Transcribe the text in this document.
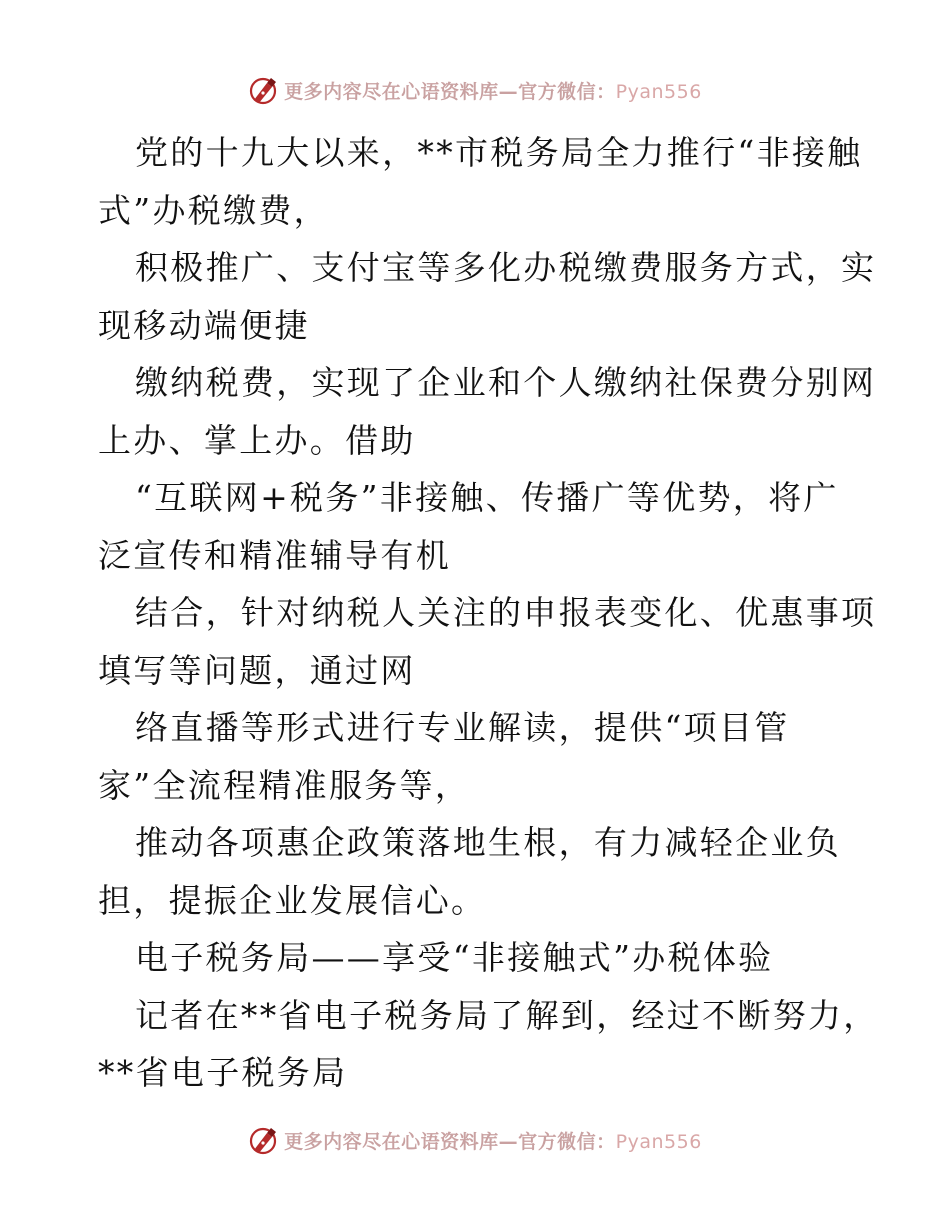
更多内容尽在心语资料库—官方微信：Pyan556

党的十九大以来，**市税务局全力推行“非接触

式”办税缴费，

积极推广、支付宝等多化办税缴费服务方式，实

现移动端便捷

缴纳税费，实现了企业和个人缴纳社保费分别网

上办、掌上办。借助

“互联网+税务”非接触、传播广等优势，将广

泛宣传和精准辅导有机

结合，针对纳税人关注的申报表变化、优惠事项

填写等问题，通过网

络直播等形式进行专业解读，提供“项目管

家”全流程精准服务等，

推动各项惠企政策落地生根，有力减轻企业负

担，提振企业发展信心。

电子税务局——享受“非接触式”办税体验

记者在**省电子税务局了解到，经过不断努力，

**省电子税务局

更多内容尽在心语资料库—官方微信：Pyan556
